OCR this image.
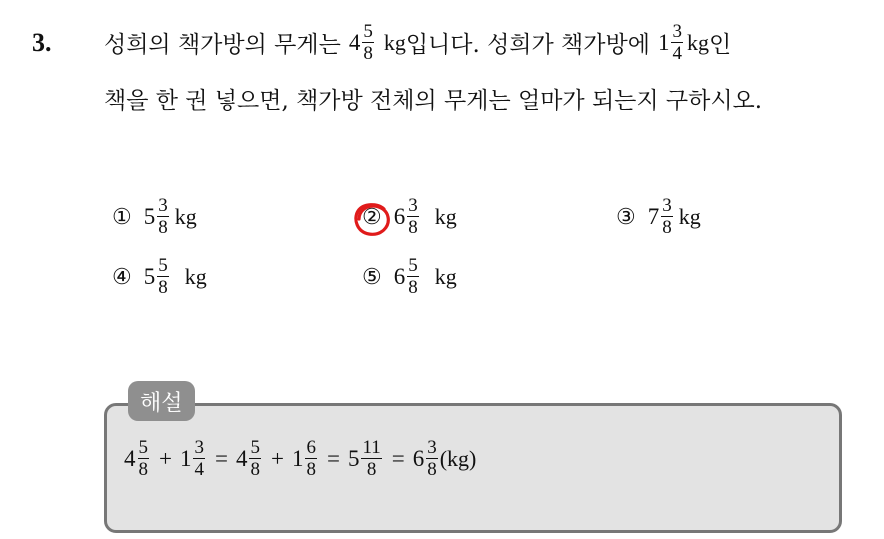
3. 성희의 책가방의 무게는 $4 \frac{5}{8}$ kg 입니다. 성희가 책가방에 $1 \frac{3}{4}$ kg 인
책을 한 권 넣으면, 책가방 전체의 무게는 얼마가 되는지 구하시오.
① $5 \frac{3}{8}$ kg	② $6 \frac{3}{8}$ kg	③ $7 \frac{3}{8}$ kg
④ $5 \frac{5}{8}$ kg	⑤ $6 \frac{5}{8}$ kg
해설
$4 \frac{5}{8} + 1 \frac{3}{4} = 4 \frac{5}{8} + 1 \frac{6}{8} = 5 \frac{11}{8} = 6 \frac{3}{8} (kg)$
